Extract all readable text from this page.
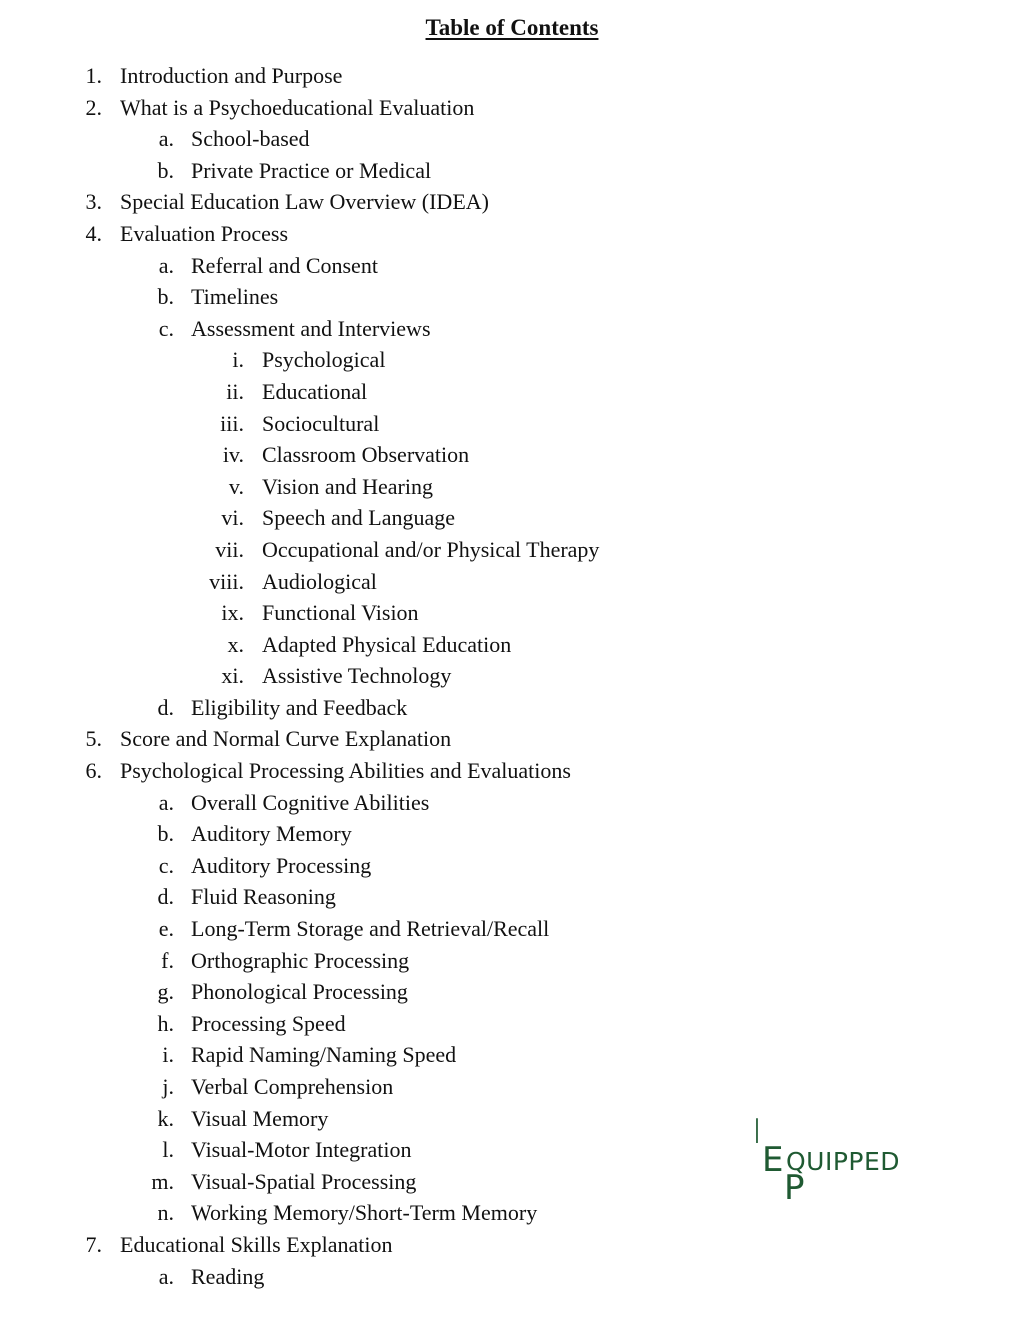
Table of Contents
1. Introduction and Purpose
2. What is a Psychoeducational Evaluation
a. School-based
b. Private Practice or Medical
3. Special Education Law Overview (IDEA)
4. Evaluation Process
a. Referral and Consent
b. Timelines
c. Assessment and Interviews
i. Psychological
ii. Educational
iii. Sociocultural
iv. Classroom Observation
v. Vision and Hearing
vi. Speech and Language
vii. Occupational and/or Physical Therapy
viii. Audiological
ix. Functional Vision
x. Adapted Physical Education
xi. Assistive Technology
d. Eligibility and Feedback
5. Score and Normal Curve Explanation
6. Psychological Processing Abilities and Evaluations
a. Overall Cognitive Abilities
b. Auditory Memory
c. Auditory Processing
d. Fluid Reasoning
e. Long-Term Storage and Retrieval/Recall
f. Orthographic Processing
g. Phonological Processing
h. Processing Speed
i. Rapid Naming/Naming Speed
j. Verbal Comprehension
k. Visual Memory
l. Visual-Motor Integration
m. Visual-Spatial Processing
n. Working Memory/Short-Term Memory
7. Educational Skills Explanation
a. Reading
I
E QUIPPED
P
